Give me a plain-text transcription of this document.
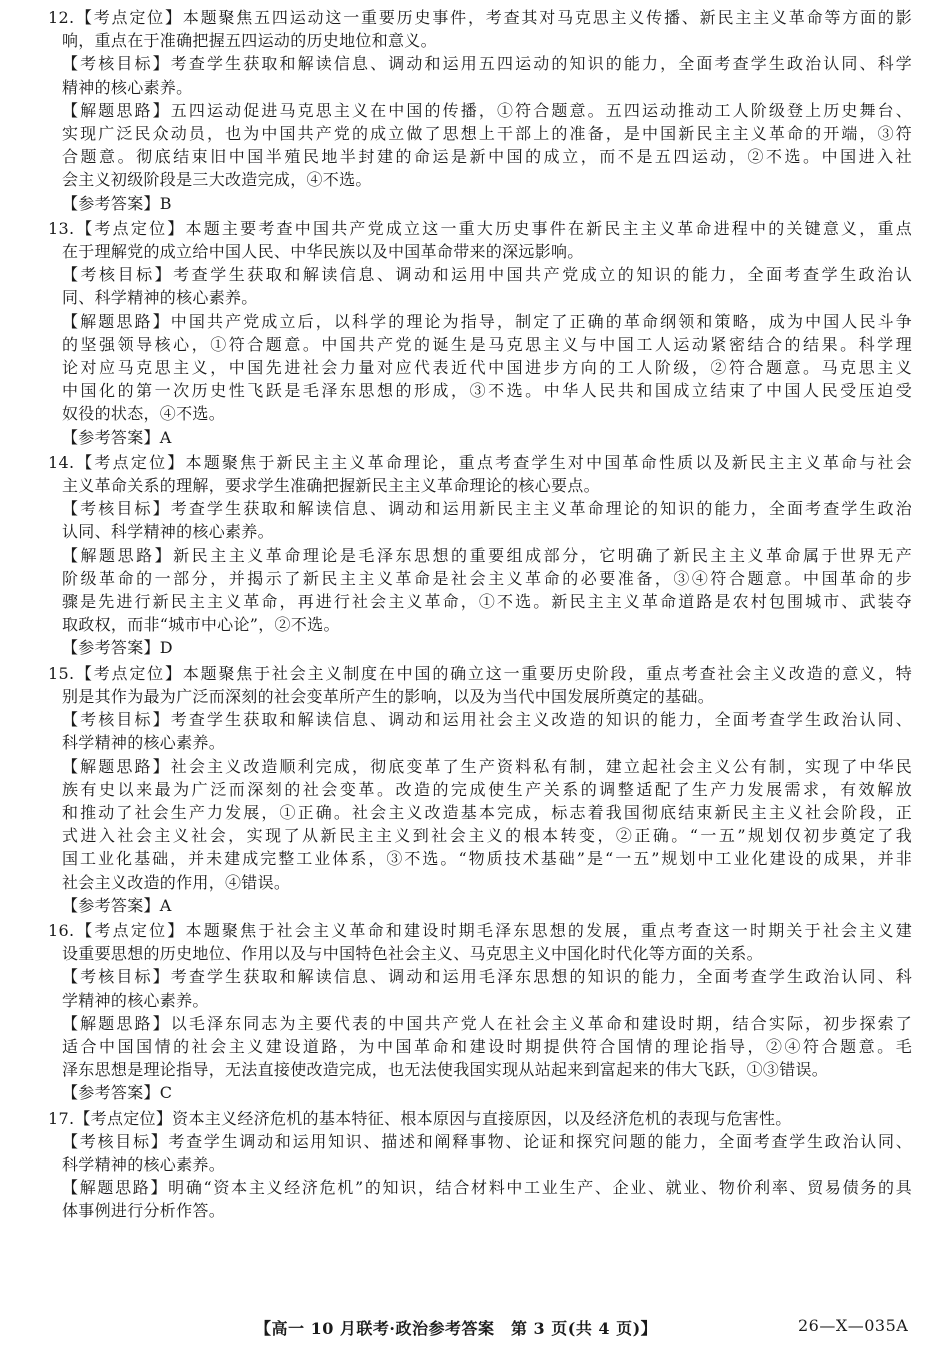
12.【考点定位】本题聚焦五四运动这一重要历史事件，考查其对马克思主义传播、新民主主义革命等方面的影
响，重点在于准确把握五四运动的历史地位和意义。
【考核目标】考查学生获取和解读信息、调动和运用五四运动的知识的能力，全面考查学生政治认同、科学
精神的核心素养。
【解题思路】五四运动促进马克思主义在中国的传播，①符合题意。五四运动推动工人阶级登上历史舞台、
实现广泛民众动员，也为中国共产党的成立做了思想上干部上的准备，是中国新民主主义革命的开端，③符
合题意。彻底结束旧中国半殖民地半封建的命运是新中国的成立，而不是五四运动，②不选。中国进入社
会主义初级阶段是三大改造完成，④不选。
【参考答案】B
13.【考点定位】本题主要考查中国共产党成立这一重大历史事件在新民主主义革命进程中的关键意义，重点
在于理解党的成立给中国人民、中华民族以及中国革命带来的深远影响。
【考核目标】考查学生获取和解读信息、调动和运用中国共产党成立的知识的能力，全面考查学生政治认
同、科学精神的核心素养。
【解题思路】中国共产党成立后，以科学的理论为指导，制定了正确的革命纲领和策略，成为中国人民斗争
的坚强领导核心，①符合题意。中国共产党的诞生是马克思主义与中国工人运动紧密结合的结果。科学理
论对应马克思主义，中国先进社会力量对应代表近代中国进步方向的工人阶级，②符合题意。马克思主义
中国化的第一次历史性飞跃是毛泽东思想的形成，③不选。中华人民共和国成立结束了中国人民受压迫受
奴役的状态，④不选。
【参考答案】A
14.【考点定位】本题聚焦于新民主主义革命理论，重点考查学生对中国革命性质以及新民主主义革命与社会
主义革命关系的理解，要求学生准确把握新民主主义革命理论的核心要点。
【考核目标】考查学生获取和解读信息、调动和运用新民主主义革命理论的知识的能力，全面考查学生政治
认同、科学精神的核心素养。
【解题思路】新民主主义革命理论是毛泽东思想的重要组成部分，它明确了新民主主义革命属于世界无产
阶级革命的一部分，并揭示了新民主主义革命是社会主义革命的必要准备，③④符合题意。中国革命的步
骤是先进行新民主主义革命，再进行社会主义革命，①不选。新民主主义革命道路是农村包围城市、武装夺
取政权，而非“城市中心论”，②不选。
【参考答案】D
15.【考点定位】本题聚焦于社会主义制度在中国的确立这一重要历史阶段，重点考查社会主义改造的意义，特
别是其作为最为广泛而深刻的社会变革所产生的影响，以及为当代中国发展所奠定的基础。
【考核目标】考查学生获取和解读信息、调动和运用社会主义改造的知识的能力，全面考查学生政治认同、
科学精神的核心素养。
【解题思路】社会主义改造顺利完成，彻底变革了生产资料私有制，建立起社会主义公有制，实现了中华民
族有史以来最为广泛而深刻的社会变革。改造的完成使生产关系的调整适配了生产力发展需求，有效解放
和推动了社会生产力发展，①正确。社会主义改造基本完成，标志着我国彻底结束新民主主义社会阶段，正
式进入社会主义社会，实现了从新民主主义到社会主义的根本转变，②正确。“一五”规划仅初步奠定了我
国工业化基础，并未建成完整工业体系，③不选。“物质技术基础”是“一五”规划中工业化建设的成果，并非
社会主义改造的作用，④错误。
【参考答案】A
16.【考点定位】本题聚焦于社会主义革命和建设时期毛泽东思想的发展，重点考查这一时期关于社会主义建
设重要思想的历史地位、作用以及与中国特色社会主义、马克思主义中国化时代化等方面的关系。
【考核目标】考查学生获取和解读信息、调动和运用毛泽东思想的知识的能力，全面考查学生政治认同、科
学精神的核心素养。
【解题思路】以毛泽东同志为主要代表的中国共产党人在社会主义革命和建设时期，结合实际，初步探索了
适合中国国情的社会主义建设道路，为中国革命和建设时期提供符合国情的理论指导，②④符合题意。毛
泽东思想是理论指导，无法直接使改造完成，也无法使我国实现从站起来到富起来的伟大飞跃，①③错误。
【参考答案】C
17.【考点定位】资本主义经济危机的基本特征、根本原因与直接原因，以及经济危机的表现与危害性。
【考核目标】考查学生调动和运用知识、描述和阐释事物、论证和探究问题的能力，全面考查学生政治认同、
科学精神的核心素养。
【解题思路】明确“资本主义经济危机”的知识，结合材料中工业生产、企业、就业、物价利率、贸易债务的具
体事例进行分析作答。
【高一 10 月联考·政治参考答案　第 3 页(共 4 页)】	26—X—035A
